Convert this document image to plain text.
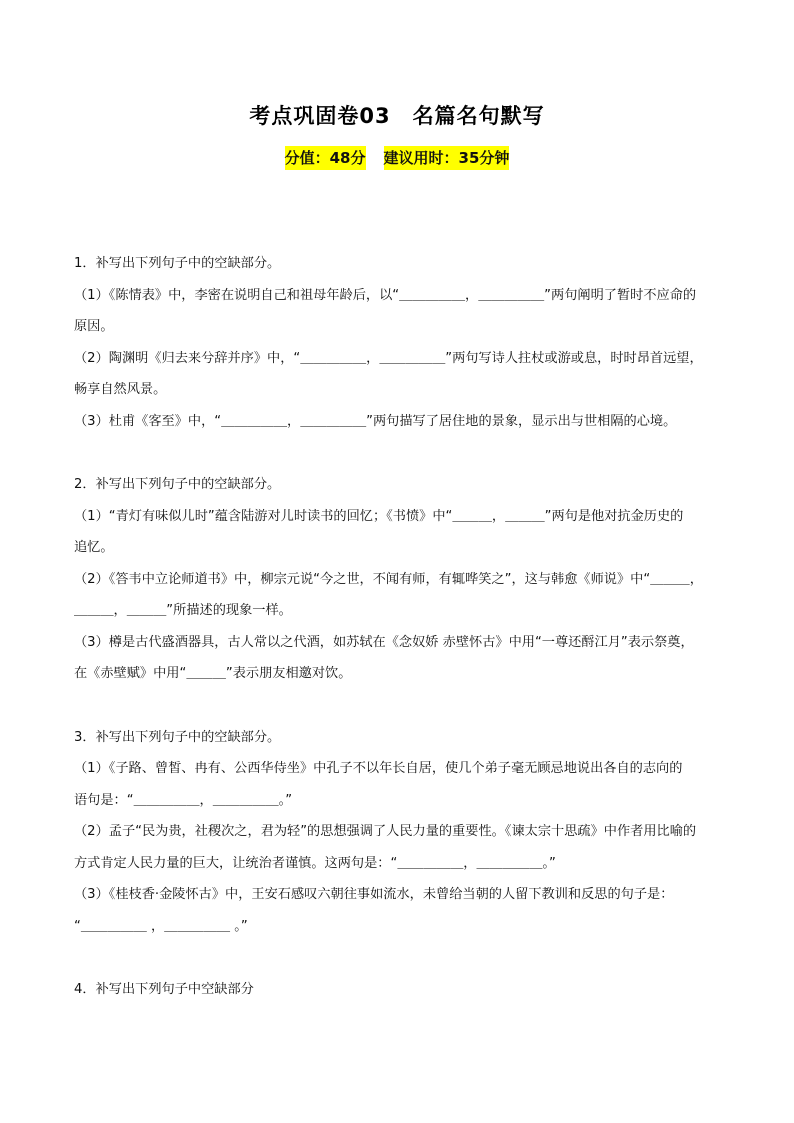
考点巩固卷03　名篇名句默写
分值：48分 建议用时：35分钟

1．补写出下列句子中的空缺部分。

（1）《陈情表》中，李密在说明自己和祖母年龄后，以“＿＿＿＿＿，＿＿＿＿＿”两句阐明了暂时不应命的

原因。

（2）陶渊明《归去来兮辞并序》中，“＿＿＿＿＿，＿＿＿＿＿”两句写诗人拄杖或游或息，时时昂首远望，

畅享自然风景。

（3）杜甫《客至》中，“＿＿＿＿＿，＿＿＿＿＿”两句描写了居住地的景象，显示出与世相隔的心境。

2．补写出下列句子中的空缺部分。

（1）“青灯有味似儿时”蕴含陆游对儿时读书的回忆；《书愤》中“＿＿＿，＿＿＿”两句是他对抗金历史的

追忆。

（2）《答韦中立论师道书》中，柳宗元说“今之世，不闻有师，有辄哗笑之”，这与韩愈《师说》中“＿＿＿，

＿＿＿，＿＿＿”所描述的现象一样。

（3）樽是古代盛酒器具，古人常以之代酒，如苏轼在《念奴娇 赤壁怀古》中用“一尊还酹江月”表示祭奠，

在《赤壁赋》中用“＿＿＿”表示朋友相邀对饮。

3．补写出下列句子中的空缺部分。

（1）《子路、曾皙、冉有、公西华侍坐》中孔子不以年长自居，使几个弟子毫无顾忌地说出各自的志向的

语句是：“＿＿＿＿＿，＿＿＿＿＿。”

（2）孟子“民为贵，社稷次之，君为轻”的思想强调了人民力量的重要性。《谏太宗十思疏》中作者用比喻的

方式肯定人民力量的巨大，让统治者谨慎。这两句是：“＿＿＿＿＿，＿＿＿＿＿。”

（3）《桂枝香·金陵怀古》中，王安石感叹六朝往事如流水，未曾给当朝的人留下教训和反思的句子是：

“＿＿＿＿＿ ，＿＿＿＿＿ 。”

4．补写出下列句子中空缺部分
